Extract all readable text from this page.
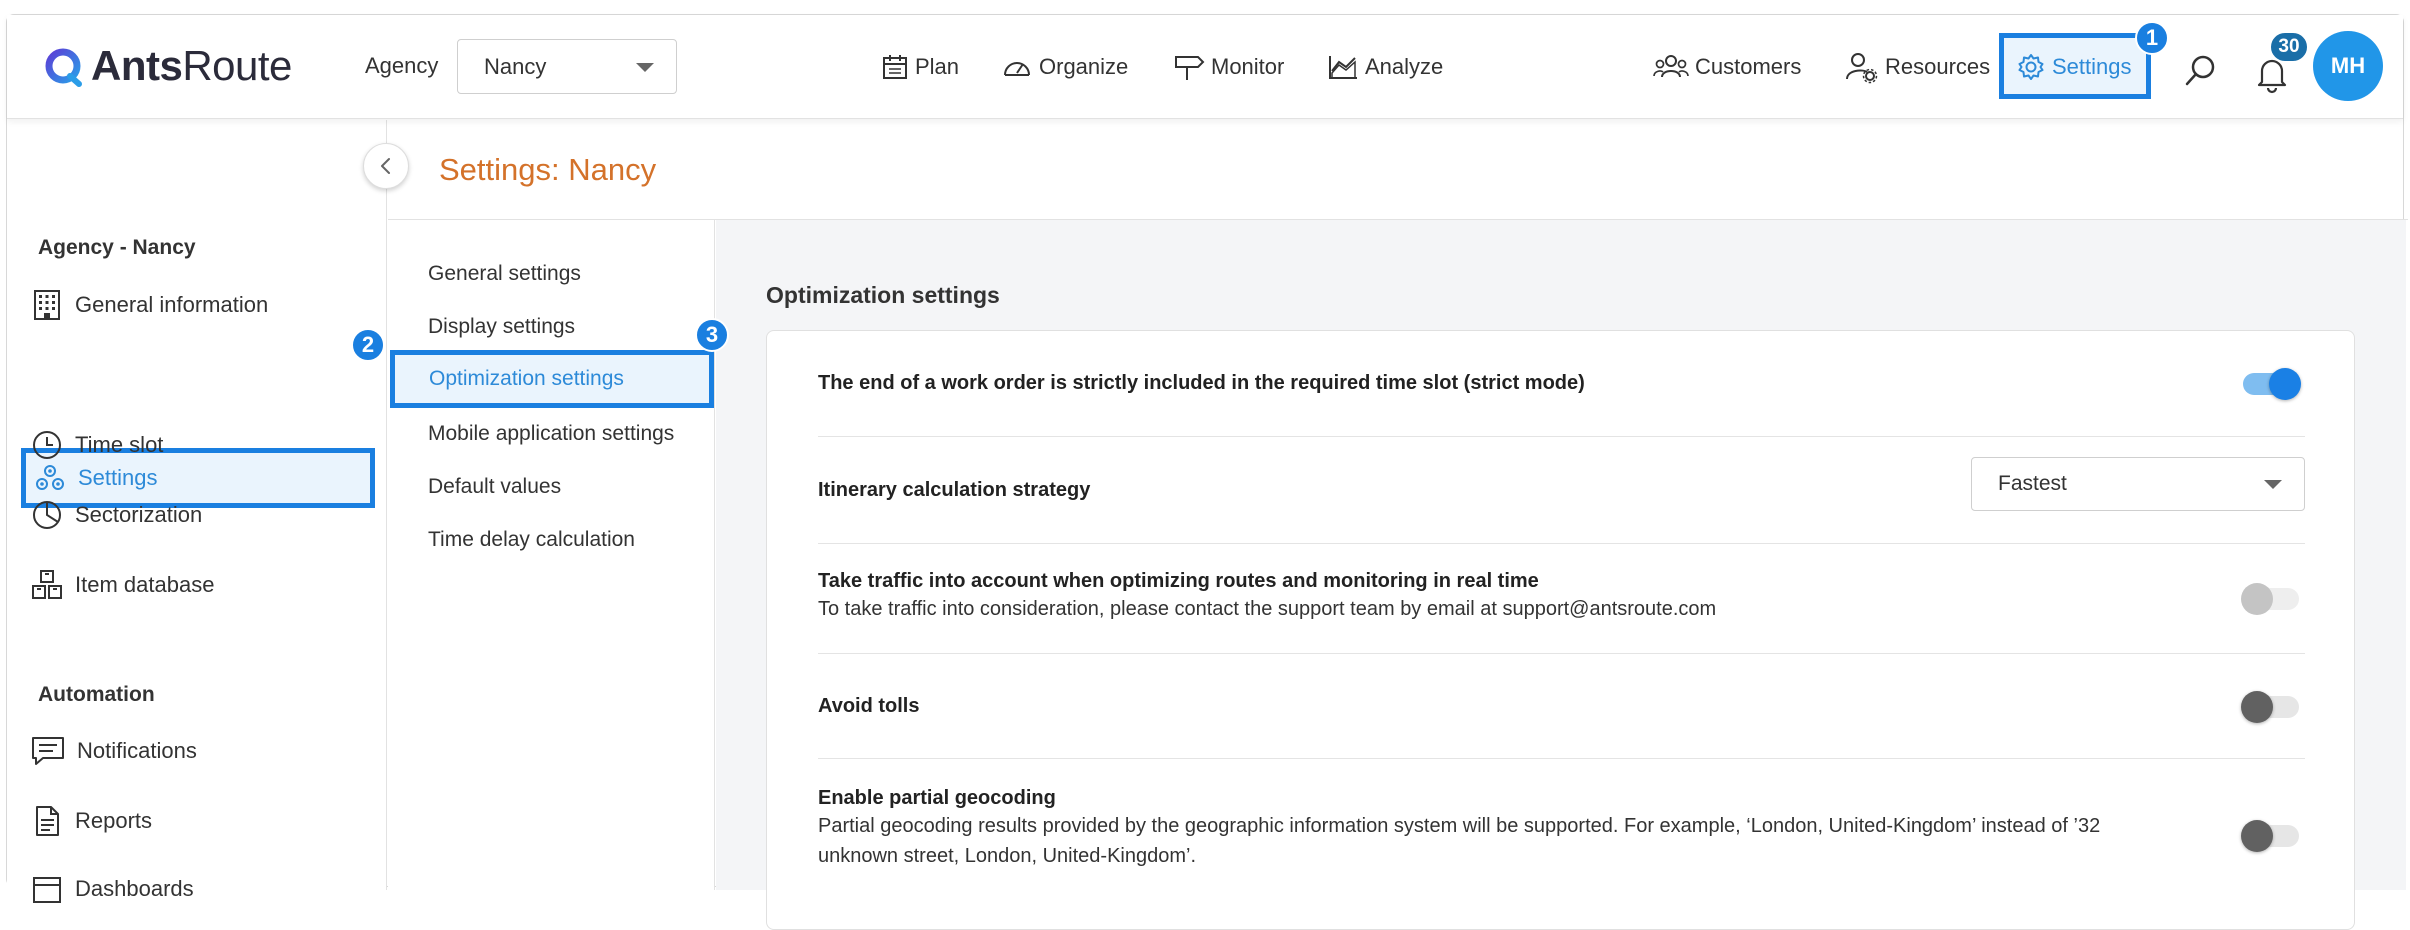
AntsRoute	Agency Nancy	Plan	Organize	Monitor	Analyze	Customers	Resources	Settings
1	30
MH
Agency - Nancy
General information
Settings
2
Time slot
Sectorization
Item database
Automation
Notifications
Reports
Dashboards
Settings: Nancy
General settings
Display settings
Optimization settings
Mobile application settings
Default values
Time delay calculation
3
Optimization settings
The end of a work order is strictly included in the required time slot (strict mode)
Itinerary calculation strategy	Fastest
Take traffic into account when optimizing routes and monitoring in real time
To take traffic into consideration, please contact the support team by email at support@antsroute.com
Avoid tolls
Enable partial geocoding
Partial geocoding results provided by the geographic information system will be supported. For example, ‘London, United-Kingdom’ instead of ’32 unknown street, London, United-Kingdom’.
